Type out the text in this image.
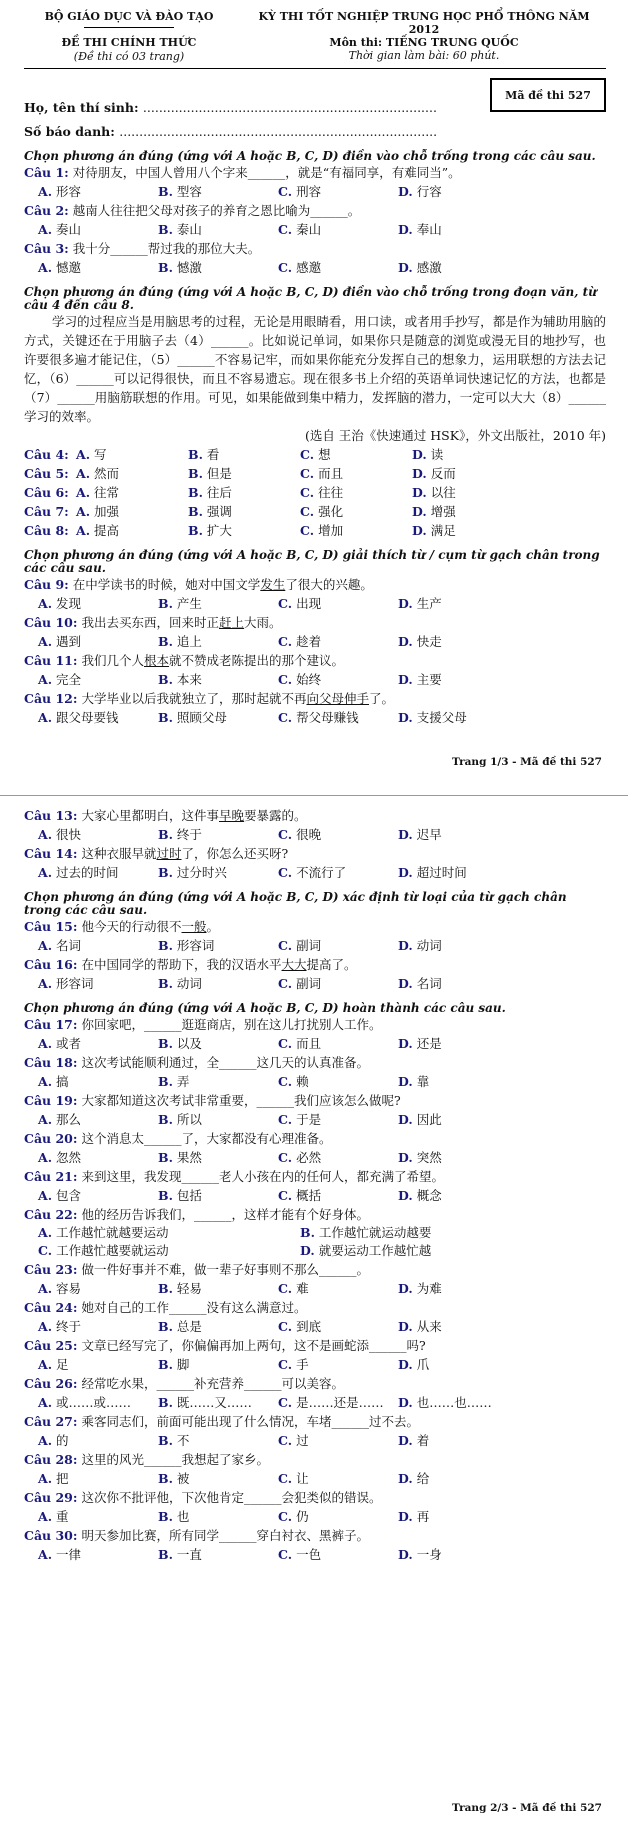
BỘ GIÁO DỤC VÀ ĐÀO TẠO
ĐỀ THI CHÍNH THỨC
(Đề thi có 03 trang)
KỲ THI TỐT NGHIỆP TRUNG HỌC PHỔ THÔNG NĂM 2012
Môn thi: TIẾNG TRUNG QUỐC
Thời gian làm bài: 60 phút.
Mã đề thi 527
Họ, tên thí sinh: ..........................................................................
Số báo danh: ................................................................................
Chọn phương án đúng (ứng với A hoặc B, C, D) điền vào chỗ trống trong các câu sau.
Câu 1: 对待朋友，中国人曾用八个字来______，就是“有福同享，有难同当”。
A. 形容	B. 型容	C. 刑容	D. 行容
Câu 2: 越南人往往把父母对孩子的养育之恩比喻为______。
A. 奏山	B. 泰山	C. 秦山	D. 奉山
Câu 3: 我十分______帮过我的那位大夫。
A. 憾邀	B. 憾激	C. 感邀	D. 感激
Chọn phương án đúng (ứng với A hoặc B, C, D) điền vào chỗ trống trong đoạn văn, từ câu 4 đến câu 8.
学习的过程应当是用脑思考的过程，无论是用眼睛看，用口读，或者用手抄写，都是作为辅助用脑的方式，关键还在于用脑子去（4）______。比如说记单词，如果你只是随意的浏览或漫无目的地抄写，也许要很多遍才能记住，（5）______不容易记牢，而如果你能充分发挥自己的想象力，运用联想的方法去记忆，（6）______可以记得很快，而且不容易遗忘。现在很多书上介绍的英语单词快速记忆的方法，也都是（7）______用脑筋联想的作用。可见，如果能做到集中精力，发挥脑的潜力，一定可以大大（8）______学习的效率。
(选自 王治《快速通过 HSK》，外文出版社，2010 年)
Câu 4: A. 写	B. 看	C. 想	D. 读
Câu 5: A. 然而	B. 但是	C. 而且	D. 反而
Câu 6: A. 往常	B. 往后	C. 往往	D. 以往
Câu 7: A. 加强	B. 强调	C. 强化	D. 增强
Câu 8: A. 提高	B. 扩大	C. 增加	D. 满足
Chọn phương án đúng (ứng với A hoặc B, C, D) giải thích từ / cụm từ gạch chân trong các câu sau.
Câu 9: 在中学读书的时候，她对中国文学发生了很大的兴趣。
A. 发现	B. 产生	C. 出现	D. 生产
Câu 10: 我出去买东西，回来时正赶上大雨。
A. 遇到	B. 追上	C. 趁着	D. 快走
Câu 11: 我们几个人根本就不赞成老陈提出的那个建议。
A. 完全	B. 本来	C. 始终	D. 主要
Câu 12: 大学毕业以后我就独立了，那时起就不再向父母伸手了。
A. 跟父母要钱	B. 照顾父母	C. 帮父母赚钱	D. 支援父母
Trang 1/3 - Mã đề thi 527
Câu 13: 大家心里都明白，这件事早晚要暴露的。
A. 很快	B. 终于	C. 很晚	D. 迟早
Câu 14: 这种衣服早就过时了，你怎么还买呀?
A. 过去的时间	B. 过分时兴	C. 不流行了	D. 超过时间
Chọn phương án đúng (ứng với A hoặc B, C, D) xác định từ loại của từ gạch chân trong các câu sau.
Câu 15: 他今天的行动很不一般。
A. 名词	B. 形容词	C. 副词	D. 动词
Câu 16: 在中国同学的帮助下，我的汉语水平大大提高了。
A. 形容词	B. 动词	C. 副词	D. 名词
Chọn phương án đúng (ứng với A hoặc B, C, D) hoàn thành các câu sau.
Câu 17: 你回家吧，______逛逛商店，别在这儿打扰别人工作。
A. 或者	B. 以及	C. 而且	D. 还是
Câu 18: 这次考试能顺利通过，全______这几天的认真准备。
A. 搞	B. 弄	C. 赖	D. 靠
Câu 19: 大家都知道这次考试非常重要，______我们应该怎么做呢?
A. 那么	B. 所以	C. 于是	D. 因此
Câu 20: 这个消息太______了，大家都没有心理准备。
A. 忽然	B. 果然	C. 必然	D. 突然
Câu 21: 来到这里，我发现______老人小孩在内的任何人，都充满了希望。
A. 包含	B. 包括	C. 概括	D. 概念
Câu 22: 他的经历告诉我们，______，这样才能有个好身体。
A. 工作越忙就越要运动	B. 工作越忙就运动越要
C. 工作越忙越要就运动	D. 就要运动工作越忙越
Câu 23: 做一件好事并不难，做一辈子好事则不那么______。
A. 容易	B. 轻易	C. 难	D. 为难
Câu 24: 她对自己的工作______没有这么满意过。
A. 终于	B. 总是	C. 到底	D. 从来
Câu 25: 文章已经写完了，你偏偏再加上两句，这不是画蛇添______吗?
A. 足	B. 脚	C. 手	D. 爪
Câu 26: 经常吃水果，______补充营养______可以美容。
A. 或……或……	B. 既……又……	C. 是……还是……	D. 也……也……
Câu 27: 乘客同志们，前面可能出现了什么情况，车堵______过不去。
A. 的	B. 不	C. 过	D. 着
Câu 28: 这里的风光______我想起了家乡。
A. 把	B. 被	C. 让	D. 给
Câu 29: 这次你不批评他，下次他肯定______会犯类似的错误。
A. 重	B. 也	C. 仍	D. 再
Câu 30: 明天参加比赛，所有同学______穿白衬衣、黑裤子。
A. 一律	B. 一直	C. 一色	D. 一身
Trang 2/3 - Mã đề thi 527
